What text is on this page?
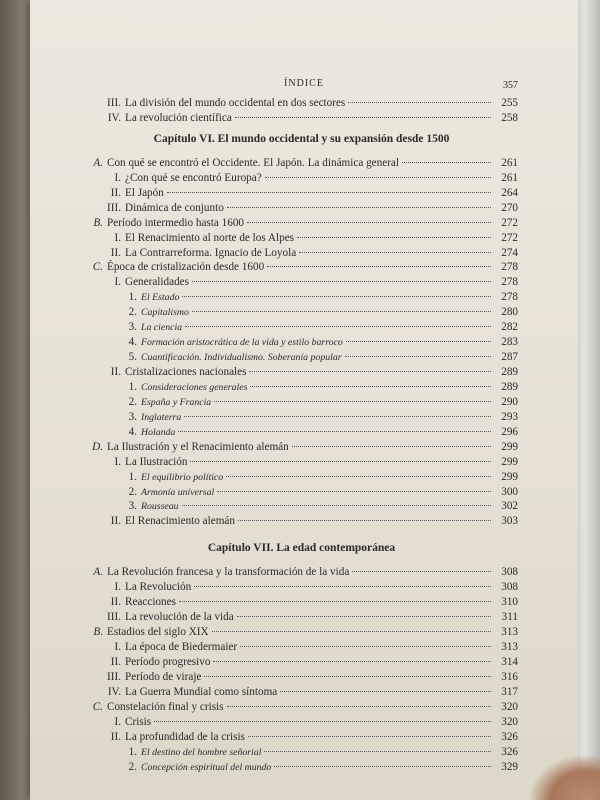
ÍNDICE	357
III. La división del mundo occidental en dos sectores	255
IV. La revolución científica	258
Capítulo VI. El mundo occidental y su expansión desde 1500
A. Con qué se encontró el Occidente. El Japón. La dinámica general	261
I. ¿Con qué se encontró Europa?	261
II. El Japón	264
III. Dinámica de conjunto	270
B. Período intermedio hasta 1600	272
I. El Renacimiento al norte de los Alpes	272
II. La Contrarreforma. Ignacio de Loyola	274
C. Época de cristalización desde 1600	278
I. Generalidades	278
1. El Estado	278
2. Capitalismo	280
3. La ciencia	282
4. Formación aristocrática de la vida y estilo barroco	283
5. Cuantificación. Individualismo. Soberanía popular	287
II. Cristalizaciones nacionales	289
1. Consideraciones generales	289
2. España y Francia	290
3. Inglaterra	293
4. Holanda	296
D. La Ilustración y el Renacimiento alemán	299
I. La Ilustración	299
1. El equilibrio político	299
2. Armonía universal	300
3. Rousseau	302
II. El Renacimiento alemán	303
Capítulo VII. La edad contemporánea
A. La Revolución francesa y la transformación de la vida	308
I. La Revolución	308
II. Reacciones	310
III. La revolución de la vida	311
B. Estadios del siglo XIX	313
I. La época de Biedermaier	313
II. Período progresivo	314
III. Período de viraje	316
IV. La Guerra Mundial como síntoma	317
C. Constelación final y crisis	320
I. Crisis	320
II. La profundidad de la crisis	326
1. El destino del hombre señorial	326
2. Concepción espiritual del mundo	329
